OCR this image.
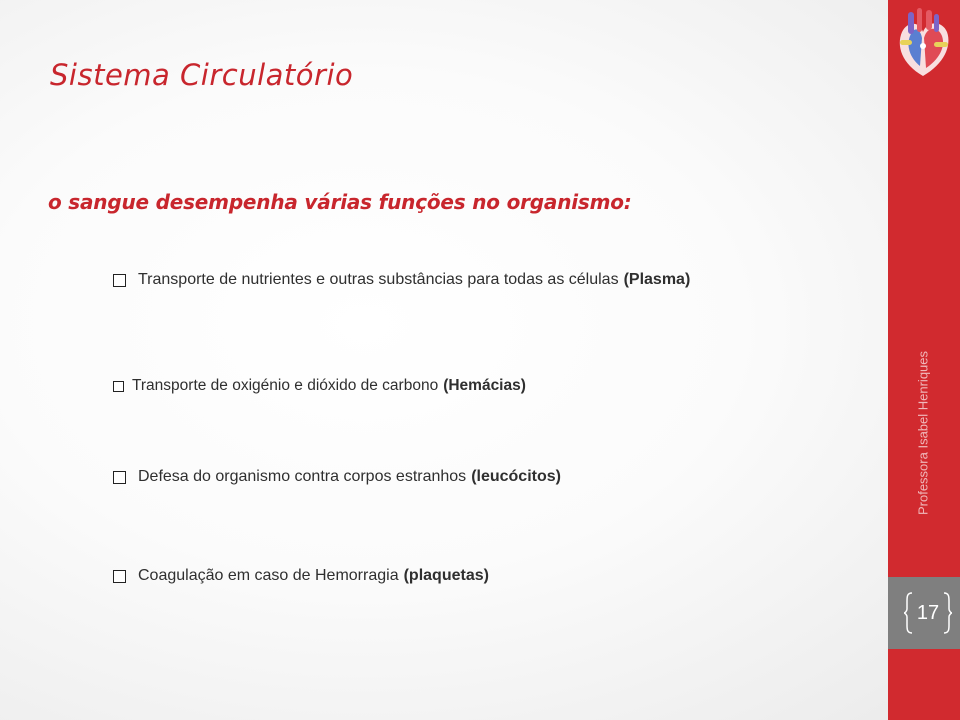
Sistema Circulatório
o sangue desempenha várias funções no organismo:
Transporte de nutrientes e outras substâncias para todas as células (Plasma)
Transporte de oxigénio e dióxido de carbono (Hemácias)
Defesa do organismo contra corpos estranhos (leucócitos)
Coagulação em caso de Hemorragia (plaquetas)
Professora Isabel Henriques
17
